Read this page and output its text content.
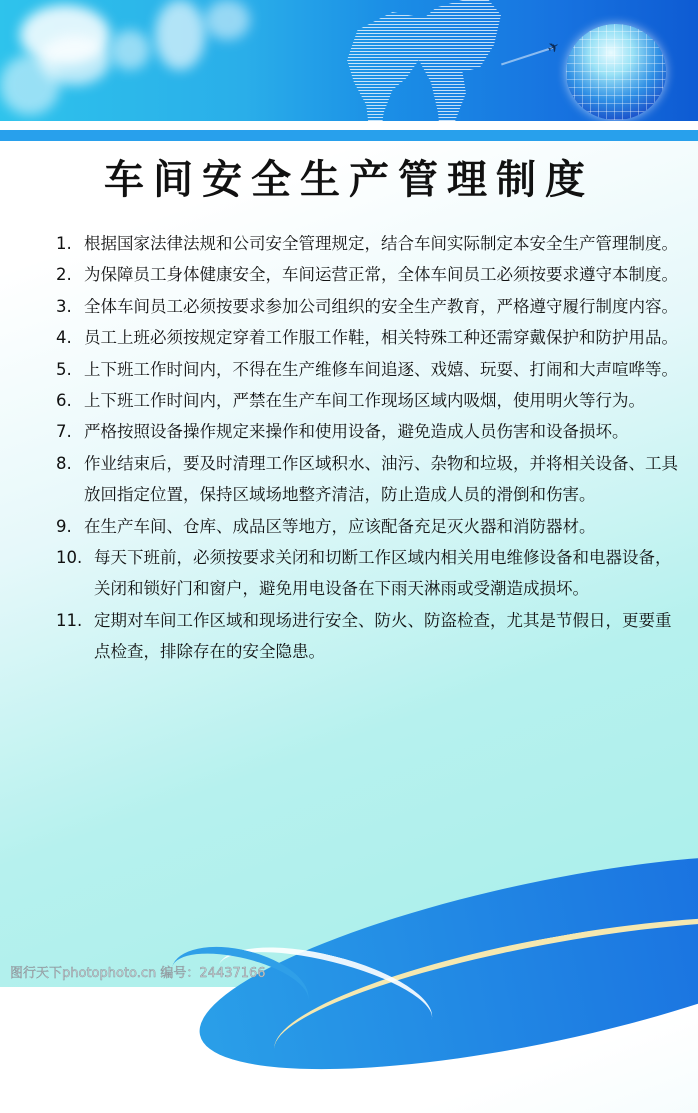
✈
车间安全生产管理制度
1. 根据国家法律法规和公司安全管理规定，结合车间实际制定本安全生产管理制度。
2. 为保障员工身体健康安全，车间运营正常，全体车间员工必须按要求遵守本制度。
3. 全体车间员工必须按要求参加公司组织的安全生产教育，严格遵守履行制度内容。
4. 员工上班必须按规定穿着工作服工作鞋，相关特殊工种还需穿戴保护和防护用品。
5. 上下班工作时间内，不得在生产维修车间追逐、戏嬉、玩耍、打闹和大声喧哗等。
6. 上下班工作时间内，严禁在生产车间工作现场区域内吸烟，使用明火等行为。
7. 严格按照设备操作规定来操作和使用设备，避免造成人员伤害和设备损坏。
8. 作业结束后，要及时清理工作区域积水、油污、杂物和垃圾，并将相关设备、工具放回指定位置，保持区域场地整齐清洁，防止造成人员的滑倒和伤害。
9. 在生产车间、仓库、成品区等地方，应该配备充足灭火器和消防器材。
10. 每天下班前，必须按要求关闭和切断工作区域内相关用电维修设备和电器设备， 关闭和锁好门和窗户，避免用电设备在下雨天淋雨或受潮造成损坏。
11. 定期对车间工作区域和现场进行安全、防火、防盗检查，尤其是节假日，更要重点检查，排除存在的安全隐患。
图行天下photophoto.cn 编号：24437166
